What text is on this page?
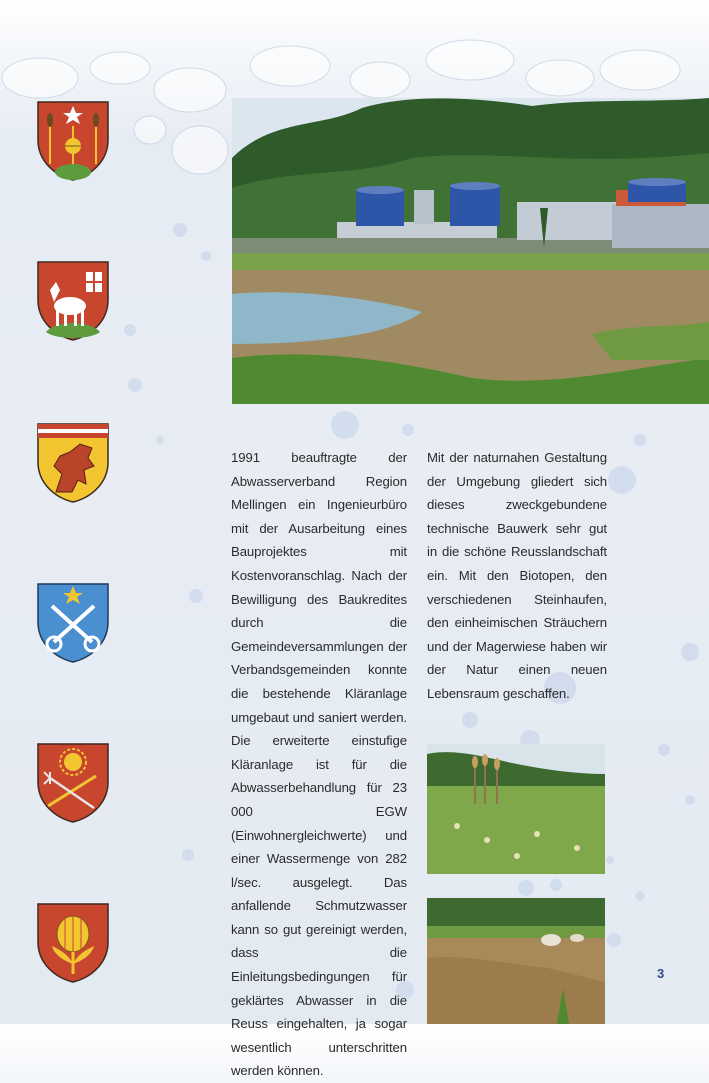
1991 beauftragte der Abwasserverband Region Mellingen ein Ingenieurbüro mit der Ausarbeitung eines Bauprojektes mit Kostenvoranschlag. Nach der Bewilligung des Baukredites durch die Gemeindeversammlungen der Verbandsgemeinden konnte die bestehende Kläranlage umgebaut und saniert werden. Die erweiterte einstufige Kläranlage ist für die Abwasserbehandlung für 23 000 EGW (Einwohnergleichwerte) und einer Wassermenge von 282 l/sec. ausgelegt. Das anfallende Schmutzwasser kann so gut gereinigt werden, dass die Einleitungsbedingungen für geklärtes Abwasser in die Reuss eingehalten, ja sogar wesentlich unterschritten werden können.

Mit der naturnahen Gestaltung der Umgebung gliedert sich dieses zweckgebundene technische Bauwerk sehr gut in die schöne Reusslandschaft ein. Mit den Biotopen, den verschiedenen Steinhaufen, den einheimischen Sträuchern und der Magerwiese haben wir der Natur einen neuen Lebensraum geschaffen.

3
